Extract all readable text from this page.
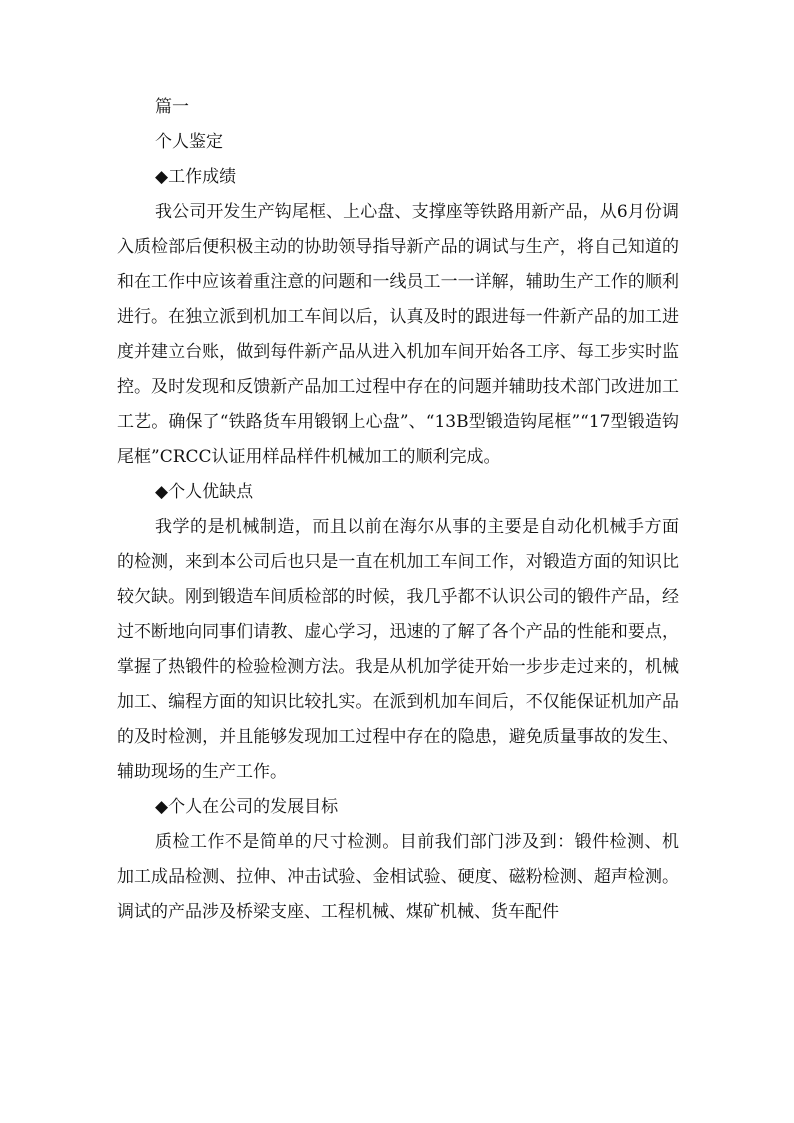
篇一

个人鉴定

◆工作成绩

我公司开发生产钩尾框、上心盘、支撑座等铁路用新产品，从6月份调入质检部后便积极主动的协助领导指导新产品的调试与生产，将自己知道的和在工作中应该着重注意的问题和一线员工一一详解，辅助生产工作的顺利进行。在独立派到机加工车间以后，认真及时的跟进每一件新产品的加工进度并建立台账，做到每件新产品从进入机加车间开始各工序、每工步实时监控。及时发现和反馈新产品加工过程中存在的问题并辅助技术部门改进加工工艺。确保了“铁路货车用锻钢上心盘”、“13B型锻造钩尾框”“17型锻造钩尾框”CRCC认证用样品样件机械加工的顺利完成。

◆个人优缺点

我学的是机械制造，而且以前在海尔从事的主要是自动化机械手方面的检测，来到本公司后也只是一直在机加工车间工作，对锻造方面的知识比较欠缺。刚到锻造车间质检部的时候，我几乎都不认识公司的锻件产品，经过不断地向同事们请教、虚心学习，迅速的了解了各个产品的性能和要点，掌握了热锻件的检验检测方法。我是从机加学徒开始一步步走过来的，机械加工、编程方面的知识比较扎实。在派到机加车间后，不仅能保证机加产品的及时检测，并且能够发现加工过程中存在的隐患，避免质量事故的发生、辅助现场的生产工作。

◆个人在公司的发展目标

质检工作不是简单的尺寸检测。目前我们部门涉及到：锻件检测、机加工成品检测、拉伸、冲击试验、金相试验、硬度、磁粉检测、超声检测。调试的产品涉及桥梁支座、工程机械、煤矿机械、货车配件
